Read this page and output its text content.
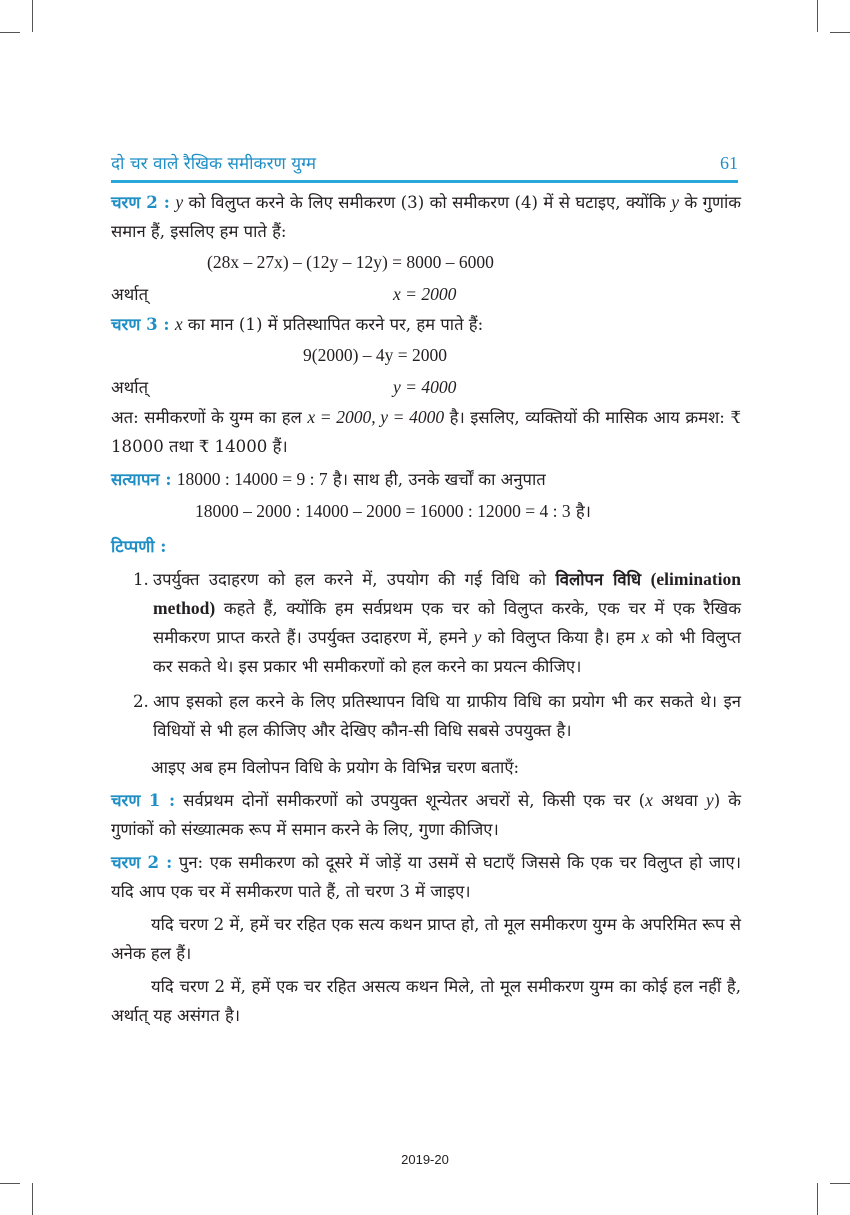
दो चर वाले रैखिक समीकरण युग्म	61

चरण 2 : y को विलुप्त करने के लिए समीकरण (3) को समीकरण (4) में से घटाइए, क्योंकि y के गुणांक समान हैं, इसलिए हम पाते हैं:

(28x – 27x) – (12y – 12y) = 8000 – 6000
अर्थात्	x = 2000

चरण 3 : x का मान (1) में प्रतिस्थापित करने पर, हम पाते हैं:

9(2000) – 4y = 2000
अर्थात्	y = 4000

अत: समीकरणों के युग्म का हल x = 2000, y = 4000 है। इसलिए, व्यक्तियों की मासिक आय क्रमश: ₹ 18000 तथा ₹ 14000 हैं।

सत्यापन : 18000 : 14000 = 9 : 7 है। साथ ही, उनके खर्चों का अनुपात

18000 – 2000 : 14000 – 2000 = 16000 : 12000 = 4 : 3 है।

टिप्पणी :
1. उपर्युक्त उदाहरण को हल करने में, उपयोग की गई विधि को विलोपन विधि (elimination method) कहते हैं, क्योंकि हम सर्वप्रथम एक चर को विलुप्त करके, एक चर में एक रैखिक समीकरण प्राप्त करते हैं। उपर्युक्त उदाहरण में, हमने y को विलुप्त किया है। हम x को भी विलुप्त कर सकते थे। इस प्रकार भी समीकरणों को हल करने का प्रयत्न कीजिए।

2. आप इसको हल करने के लिए प्रतिस्थापन विधि या ग्राफीय विधि का प्रयोग भी कर सकते थे। इन विधियों से भी हल कीजिए और देखिए कौन-सी विधि सबसे उपयुक्त है।

आइए अब हम विलोपन विधि के प्रयोग के विभिन्न चरण बताएँ:

चरण 1 : सर्वप्रथम दोनों समीकरणों को उपयुक्त शून्येतर अचरों से, किसी एक चर (x अथवा y) के गुणांकों को संख्यात्मक रूप में समान करने के लिए, गुणा कीजिए।

चरण 2 : पुन: एक समीकरण को दूसरे में जोड़ें या उसमें से घटाएँ जिससे कि एक चर विलुप्त हो जाए। यदि आप एक चर में समीकरण पाते हैं, तो चरण 3 में जाइए।

यदि चरण 2 में, हमें चर रहित एक सत्य कथन प्राप्त हो, तो मूल समीकरण युग्म के अपरिमित रूप से अनेक हल हैं।

यदि चरण 2 में, हमें एक चर रहित असत्य कथन मिले, तो मूल समीकरण युग्म का कोई हल नहीं है, अर्थात् यह असंगत है।

2019-20
